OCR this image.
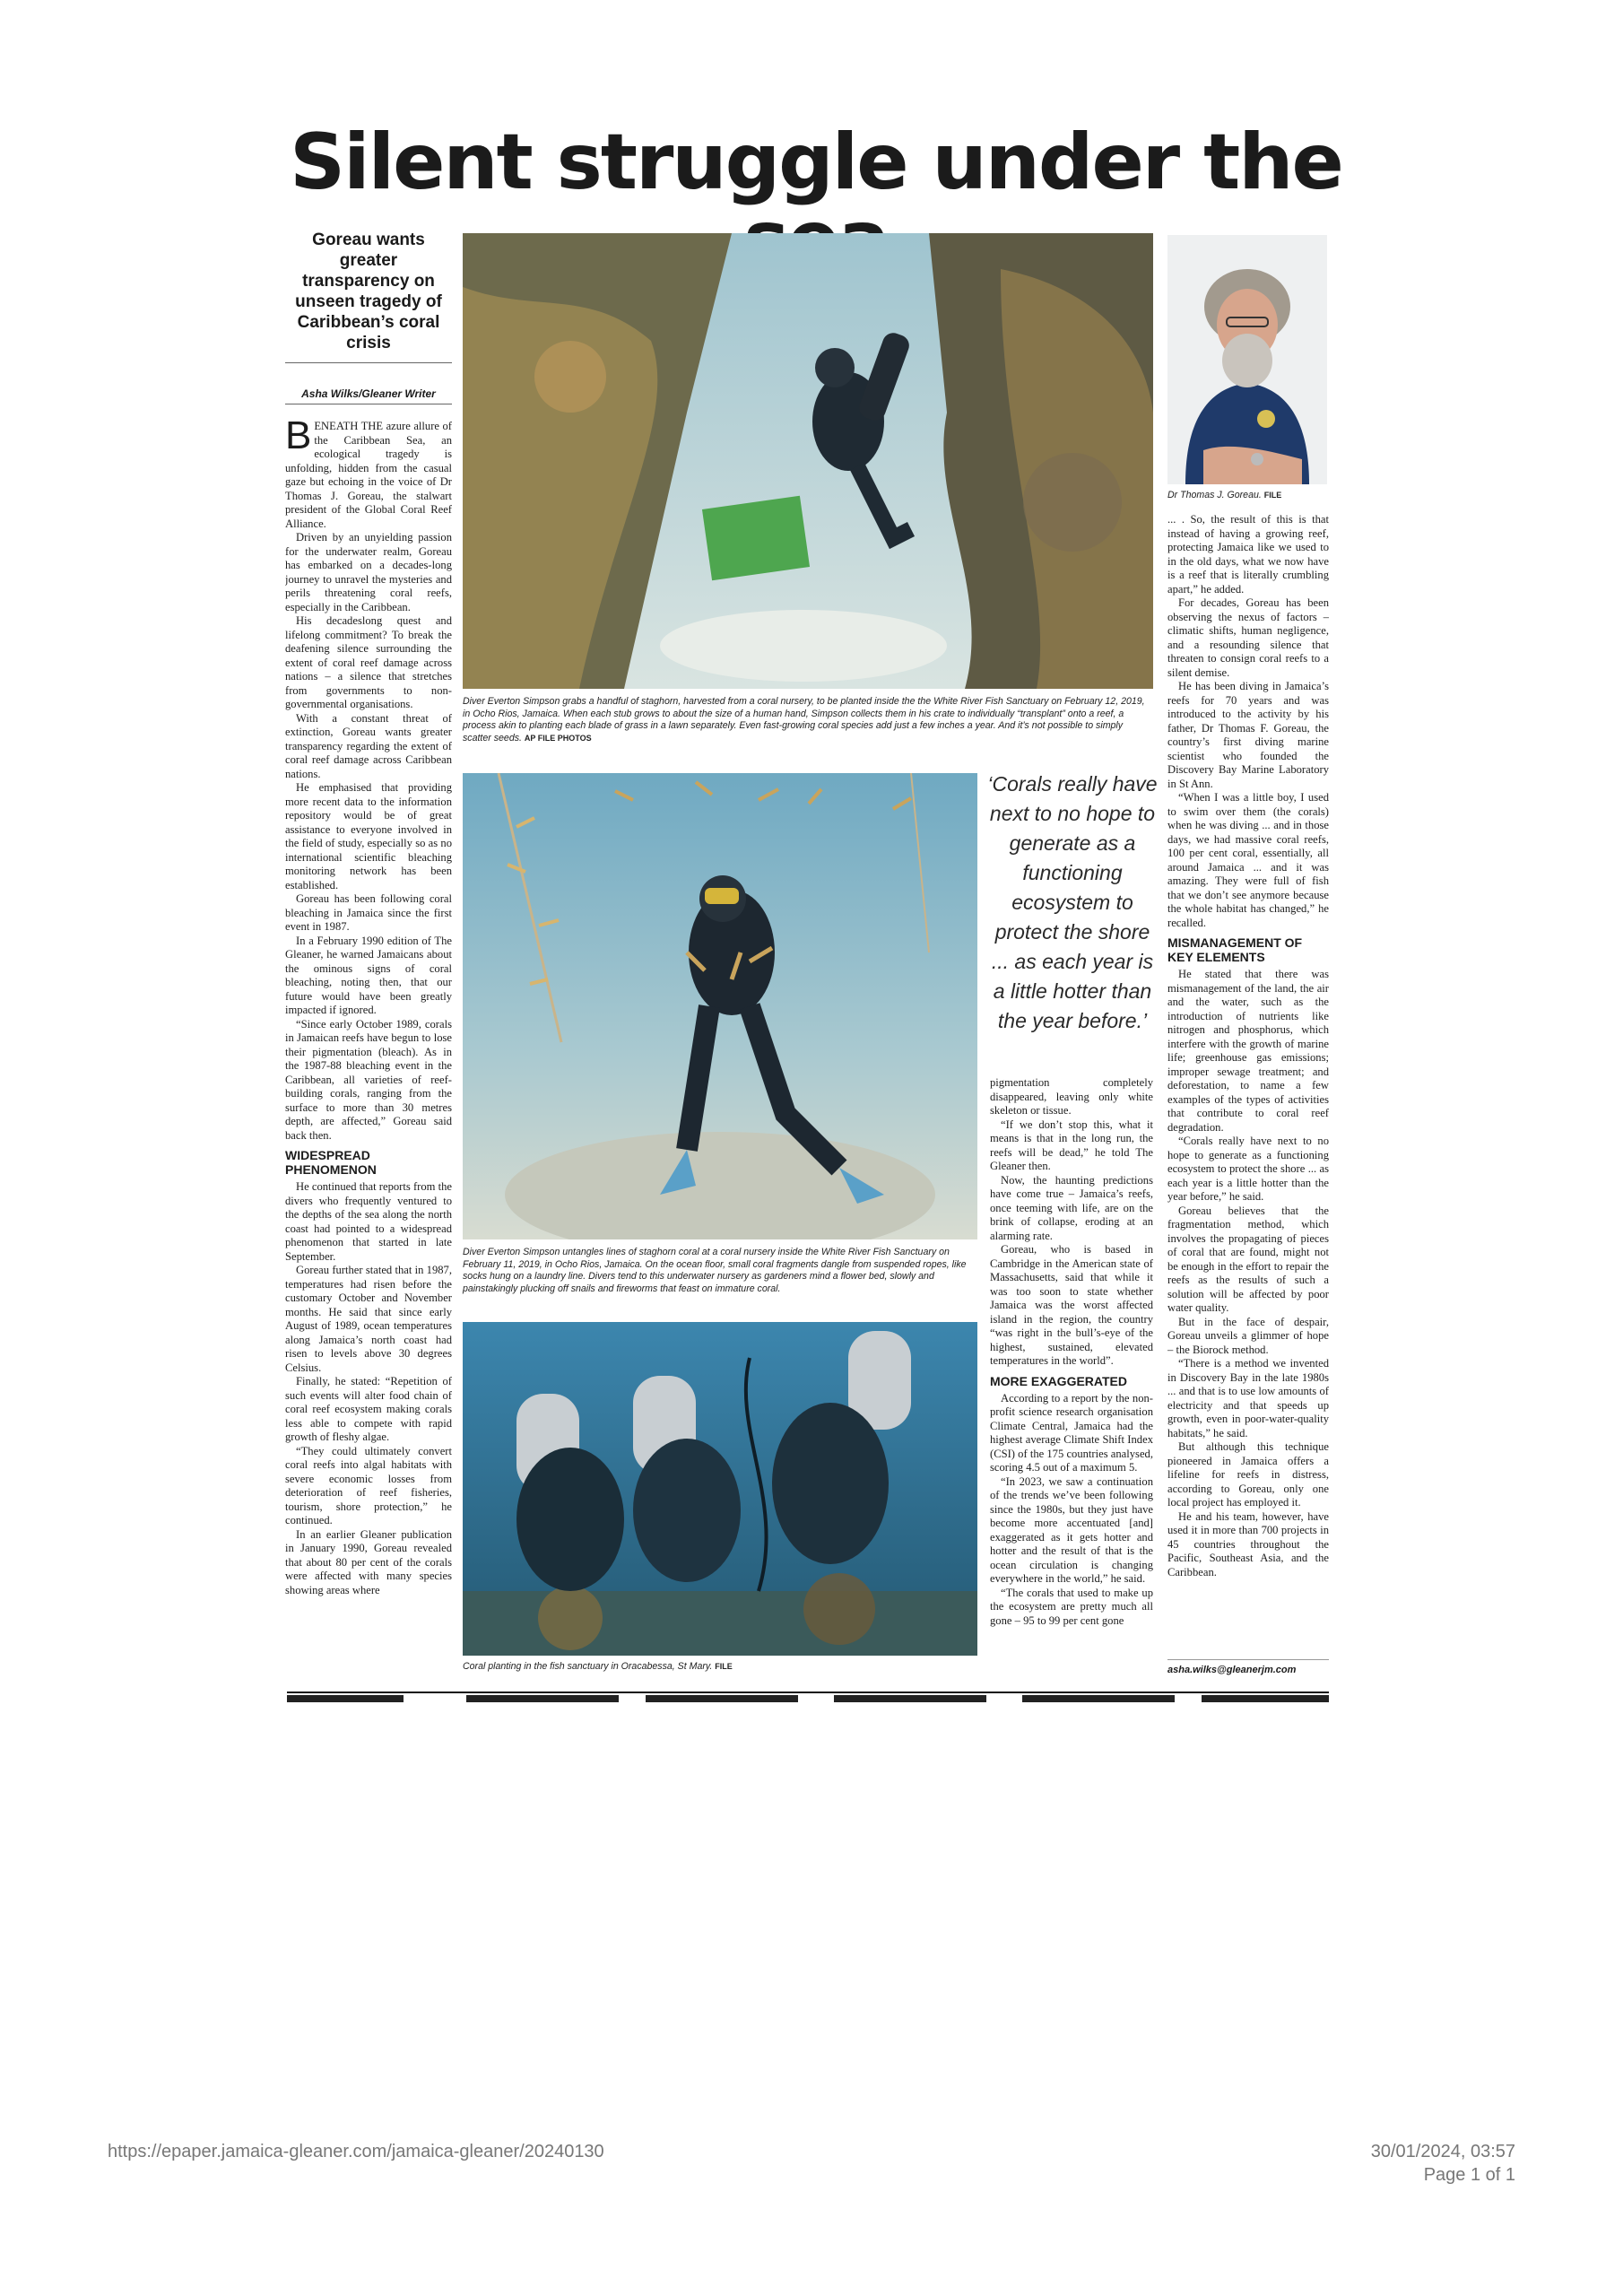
Silent struggle under the
Goreau wants greater transparency on unseen tragedy of Caribbean’s coral crisis
Asha Wilks/Gleaner Writer

BENEATH THE azure allure of the Caribbean Sea, an ecological tragedy is unfolding, hidden from the casual gaze but echoing in the voice of Dr Thomas J. Goreau, the stalwart president of the Global Coral Reef Alliance.

Driven by an unyielding passion for the underwater realm, Goreau has embarked on a decades-long journey to unravel the mysteries and perils threatening coral reefs, especially in the Caribbean.

His decadeslong quest and lifelong commitment? To break the deafening silence surrounding the extent of coral reef damage across nations – a silence that stretches from governments to non-governmental organisations.

With a constant threat of extinction, Goreau wants greater transparency regarding the extent of coral reef damage across Caribbean nations.

He emphasised that providing more recent data to the information repository would be of great assistance to everyone involved in the field of study, especially so as no international scientific bleaching monitoring network has been established.

Goreau has been following coral bleaching in Jamaica since the first event in 1987.

In a February 1990 edition of The Gleaner, he warned Jamaicans about the ominous signs of coral bleaching, noting then, that our future would have been greatly impacted if ignored.

“Since early October 1989, corals in Jamaican reefs have begun to lose their pigmentation (bleach). As in the 1987-88 bleaching event in the Caribbean, all varieties of reef-building corals, ranging from the surface to more than 30 metres depth, are affected,” Goreau said back then.

WIDESPREAD PHENOMENON

He continued that reports from the divers who frequently ventured to the depths of the sea along the north coast had pointed to a widespread phenomenon that started in late September.

Goreau further stated that in 1987, temperatures had risen before the customary October and November months. He said that since early August of 1989, ocean temperatures along Jamaica’s north coast had risen to levels above 30 degrees Celsius.

Finally, he stated: “Repetition of such events will alter food chain of coral reef ecosystem making corals less able to compete with rapid growth of fleshy algae.

“They could ultimately convert coral reefs into algal habitats with severe economic losses from deterioration of reef fisheries, tourism, shore protection,” he continued.

In an earlier Gleaner publication in January 1990, Goreau revealed that about 80 per cent of the corals were affected with many species showing areas where

Diver Everton Simpson grabs a handful of staghorn, harvested from a coral nursery, to be planted inside the the White River Fish Sanctuary on February 12, 2019, in Ocho Rios, Jamaica. When each stub grows to about the size of a human hand, Simpson collects them in his crate to individually “transplant” onto a reef, a process akin to planting each blade of grass in a lawn separately. Even fast-growing coral species add just a few inches a year. And it’s not possible to simply scatter seeds. AP FILE PHOTOS
Diver Everton Simpson untangles lines of staghorn coral at a coral nursery inside the White River Fish Sanctuary on February 11, 2019, in Ocho Rios, Jamaica. On the ocean floor, small coral fragments dangle from suspended ropes, like socks hung on a laundry line. Divers tend to this underwater nursery as gardeners mind a flower bed, slowly and painstakingly plucking off snails and fireworms that feast on immature coral.
Coral planting in the fish sanctuary in Oracabessa, St Mary. FILE
‘Corals really have next to no hope to generate as a functioning ecosystem to protect the shore ... as each year is a little hotter than the year before.’

pigmentation completely disappeared, leaving only white skeleton or tissue.

“If we don’t stop this, what it means is that in the long run, the reefs will be dead,” he told The Gleaner then.

Now, the haunting predictions have come true – Jamaica’s reefs, once teeming with life, are on the brink of collapse, eroding at an alarming rate.

Goreau, who is based in Cambridge in the American state of Massachusetts, said that while it was too soon to state whether Jamaica was the worst affected island in the region, the country “was right in the bull’s-eye of the highest, sustained, elevated temperatures in the world”.

MORE EXAGGERATED

According to a report by the non-profit science research organisation Climate Central, Jamaica had the highest average Climate Shift Index (CSI) of the 175 countries analysed, scoring 4.5 out of a maximum 5.

“In 2023, we saw a continuation of the trends we’ve been following since the 1980s, but they just have become more accentuated [and] exaggerated as it gets hotter and hotter and the result of that is the ocean circulation is changing everywhere in the world,” he said.

“The corals that used to make up the ecosystem are pretty much all gone – 95 to 99 per cent gone

Dr Thomas J. Goreau. FILE

... . So, the result of this is that instead of having a growing reef, protecting Jamaica like we used to in the old days, what we now have is a reef that is literally crumbling apart,” he added.

For decades, Goreau has been observing the nexus of factors – climatic shifts, human negligence, and a resounding silence that threaten to consign coral reefs to a silent demise.

He has been diving in Jamaica’s reefs for 70 years and was introduced to the activity by his father, Dr Thomas F. Goreau, the country’s first diving marine scientist who founded the Discovery Bay Marine Laboratory in St Ann.

“When I was a little boy, I used to swim over them (the corals) when he was diving ... and in those days, we had massive coral reefs, 100 per cent coral, essentially, all around Jamaica ... and it was amazing. They were full of fish that we don’t see anymore because the whole habitat has changed,” he recalled.

MISMANAGEMENT OF KEY ELEMENTS

He stated that there was mismanagement of the land, the air and the water, such as the introduction of nutrients like nitrogen and phosphorus, which interfere with the growth of marine life; greenhouse gas emissions; improper sewage treatment; and deforestation, to name a few examples of the types of activities that contribute to coral reef degradation.

“Corals really have next to no hope to generate as a functioning ecosystem to protect the shore ... as each year is a little hotter than the year before,” he said.

Goreau believes that the fragmentation method, which involves the propagating of pieces of coral that are found, might not be enough in the effort to repair the reefs as the results of such a solution will be affected by poor water quality.

But in the face of despair, Goreau unveils a glimmer of hope – the Biorock method.

“There is a method we invented in Discovery Bay in the late 1980s ... and that is to use low amounts of electricity and that speeds up growth, even in poor-water-quality habitats,” he said.

But although this technique pioneered in Jamaica offers a lifeline for reefs in distress, according to Goreau, only one local project has employed it.

He and his team, however, have used it in more than 700 projects in 45 countries throughout the Pacific, Southeast Asia, and the Caribbean.

asha.wilks@gleanerjm.com
https://epaper.jamaica-gleaner.com/jamaica-gleaner/20240130	30/01/2024, 03:57
Page 1 of 1
